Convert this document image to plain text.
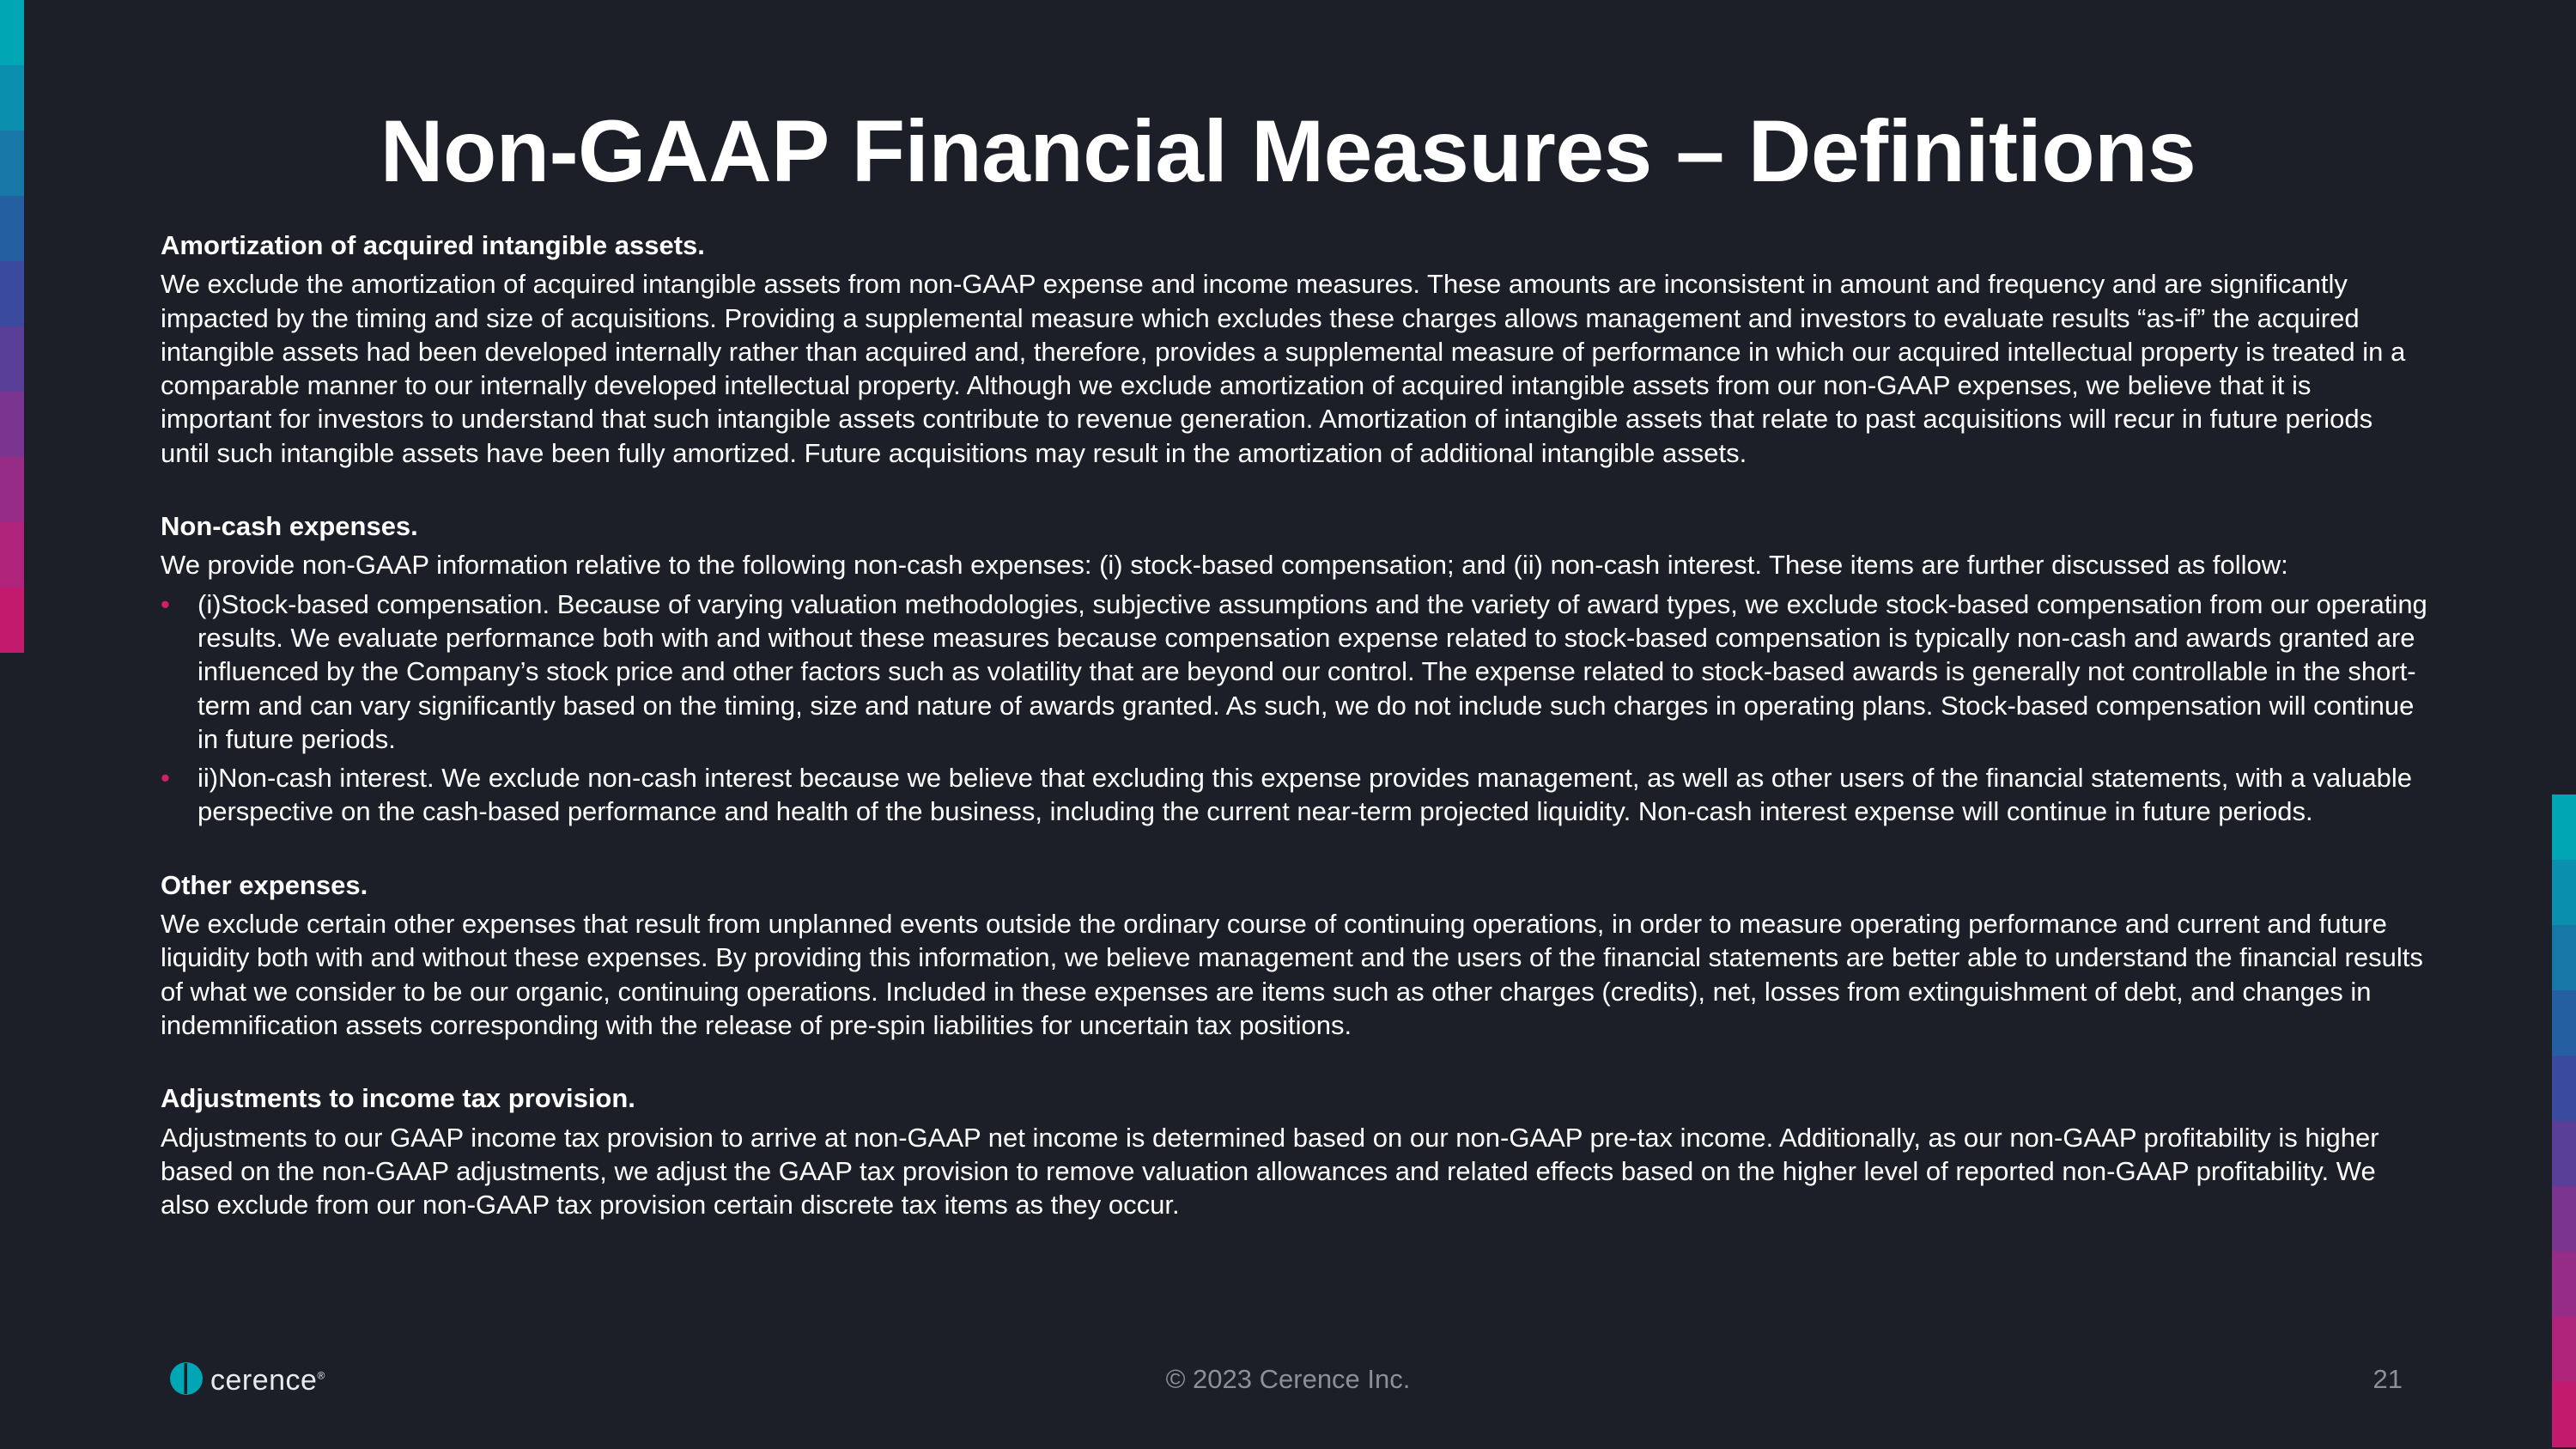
Non-GAAP Financial Measures – Definitions
Amortization of acquired intangible assets.

We exclude the amortization of acquired intangible assets from non-GAAP expense and income measures. These amounts are inconsistent in amount and frequency and are significantly impacted by the timing and size of acquisitions. Providing a supplemental measure which excludes these charges allows management and investors to evaluate results “as-if” the acquired intangible assets had been developed internally rather than acquired and, therefore, provides a supplemental measure of performance in which our acquired intellectual property is treated in a comparable manner to our internally developed intellectual property. Although we exclude amortization of acquired intangible assets from our non-GAAP expenses, we believe that it is important for investors to understand that such intangible assets contribute to revenue generation. Amortization of intangible assets that relate to past acquisitions will recur in future periods until such intangible assets have been fully amortized. Future acquisitions may result in the amortization of additional intangible assets.

Non-cash expenses.

We provide non-GAAP information relative to the following non-cash expenses: (i) stock-based compensation; and (ii) non-cash interest. These items are further discussed as follow:

• (i)Stock-based compensation. Because of varying valuation methodologies, subjective assumptions and the variety of award types, we exclude stock-based compensation from our operating results. We evaluate performance both with and without these measures because compensation expense related to stock-based compensation is typically non-cash and awards granted are influenced by the Company’s stock price and other factors such as volatility that are beyond our control. The expense related to stock-based awards is generally not controllable in the short-term and can vary significantly based on the timing, size and nature of awards granted. As such, we do not include such charges in operating plans. Stock-based compensation will continue in future periods.
• ii)Non-cash interest. We exclude non-cash interest because we believe that excluding this expense provides management, as well as other users of the financial statements, with a valuable perspective on the cash-based performance and health of the business, including the current near-term projected liquidity. Non-cash interest expense will continue in future periods.
Other expenses.

We exclude certain other expenses that result from unplanned events outside the ordinary course of continuing operations, in order to measure operating performance and current and future liquidity both with and without these expenses. By providing this information, we believe management and the users of the financial statements are better able to understand the financial results of what we consider to be our organic, continuing operations. Included in these expenses are items such as other charges (credits), net, losses from extinguishment of debt, and changes in indemnification assets corresponding with the release of pre-spin liabilities for uncertain tax positions.

Adjustments to income tax provision.

Adjustments to our GAAP income tax provision to arrive at non-GAAP net income is determined based on our non-GAAP pre-tax income. Additionally, as our non-GAAP profitability is higher based on the non-GAAP adjustments, we adjust the GAAP tax provision to remove valuation allowances and related effects based on the higher level of reported non-GAAP profitability. We also exclude from our non-GAAP tax provision certain discrete tax items as they occur.

cerence®	© 2023 Cerence Inc.	21
